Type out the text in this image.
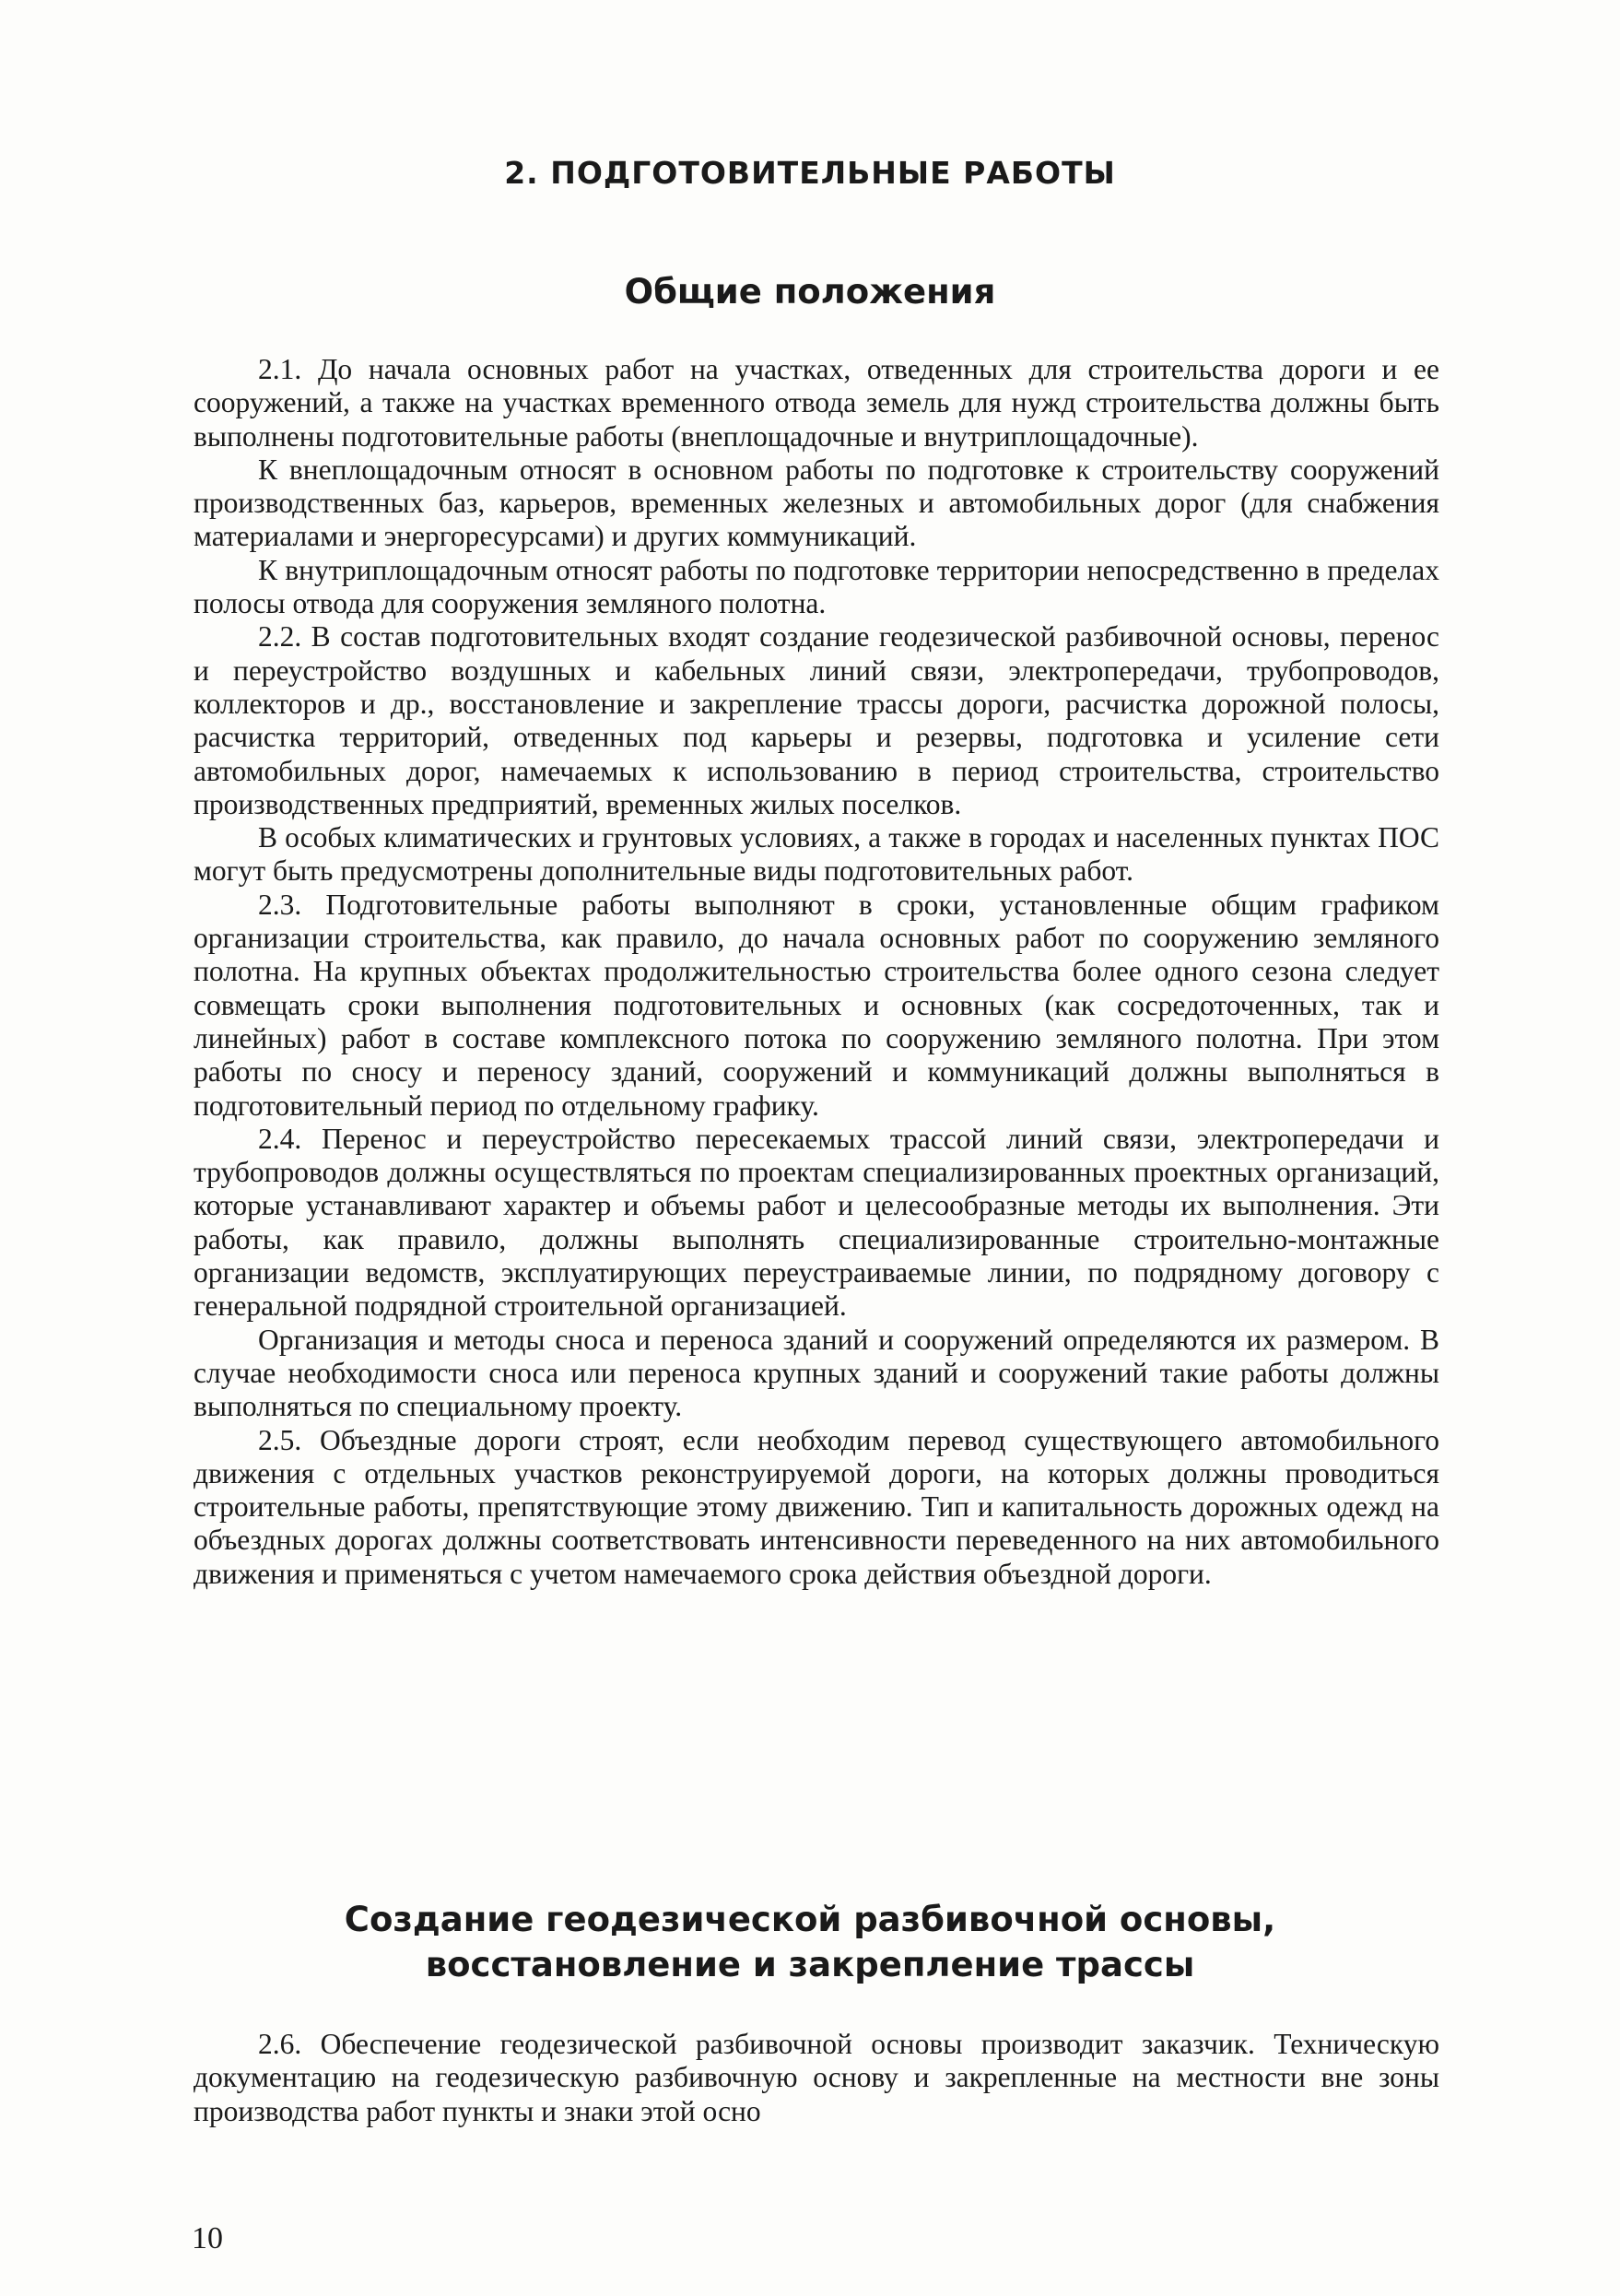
2. ПОДГОТОВИТЕЛЬНЫЕ РАБОТЫ
Общие положения

2.1. До начала основных работ на участках, отведенных для строительства дороги и ее сооружений, а также на участках временного отвода земель для нужд строительства должны быть выполнены подготовительные работы (внеплощадочные и внутриплощадочные).

К внеплощадочным относят в основном работы по подготовке к строительству сооружений производственных баз, карьеров, временных железных и автомобильных дорог (для снабжения материалами и энергоресурсами) и других коммуникаций.

К внутриплощадочным относят работы по подготовке территории непосредственно в пределах полосы отвода для сооружения земляного полотна.

2.2. В состав подготовительных входят создание геодезической разбивочной основы, перенос и переустройство воздушных и кабельных линий связи, электропередачи, трубопроводов, коллекторов и др., восстановление и закрепление трассы дороги, расчистка дорожной полосы, расчистка территорий, отведенных под карьеры и резервы, подготовка и усиление сети автомобильных дорог, намечаемых к использованию в период строительства, строительство производственных предприятий, временных жилых поселков.

В особых климатических и грунтовых условиях, а также в городах и населенных пунктах ПОС могут быть предусмотрены дополнительные виды подготовительных работ.

2.3. Подготовительные работы выполняют в сроки, установленные общим графиком организации строительства, как правило, до начала основных работ по сооружению земляного полотна. На крупных объектах продолжительностью строительства более одного сезона следует совмещать сроки выполнения подготовительных и основных (как сосредоточенных, так и линейных) работ в составе комплексного потока по сооружению земляного полотна. При этом работы по сносу и переносу зданий, сооружений и коммуникаций должны выполняться в подготовительный период по отдельному графику.

2.4. Перенос и переустройство пересекаемых трассой линий связи, электропередачи и трубопроводов должны осуществляться по проектам специализированных проектных организаций, которые устанавливают характер и объемы работ и целесообразные методы их выполнения. Эти работы, как правило, должны выполнять специализированные строительно-монтажные организации ведомств, эксплуатирующих переустраиваемые линии, по подрядному договору с генеральной подрядной строительной организацией.

Организация и методы сноса и переноса зданий и сооружений определяются их размером. В случае необходимости сноса или переноса крупных зданий и сооружений такие работы должны выполняться по специальному проекту.

2.5. Объездные дороги строят, если необходим перевод существующего автомобильного движения с отдельных участков реконструируемой дороги, на которых должны проводиться строительные работы, препятствующие этому движению. Тип и капитальность дорожных одежд на объездных дорогах должны соответствовать интенсивности переведенного на них автомобильного движения и применяться с учетом намечаемого срока действия объездной дороги.

Создание геодезической разбивочной основы,
восстановление и закрепление трассы

2.6. Обеспечение геодезической разбивочной основы производит заказчик. Техническую документацию на геодезическую разбивочную основу и закрепленные на местности вне зоны производства работ пункты и знаки этой осно

10
